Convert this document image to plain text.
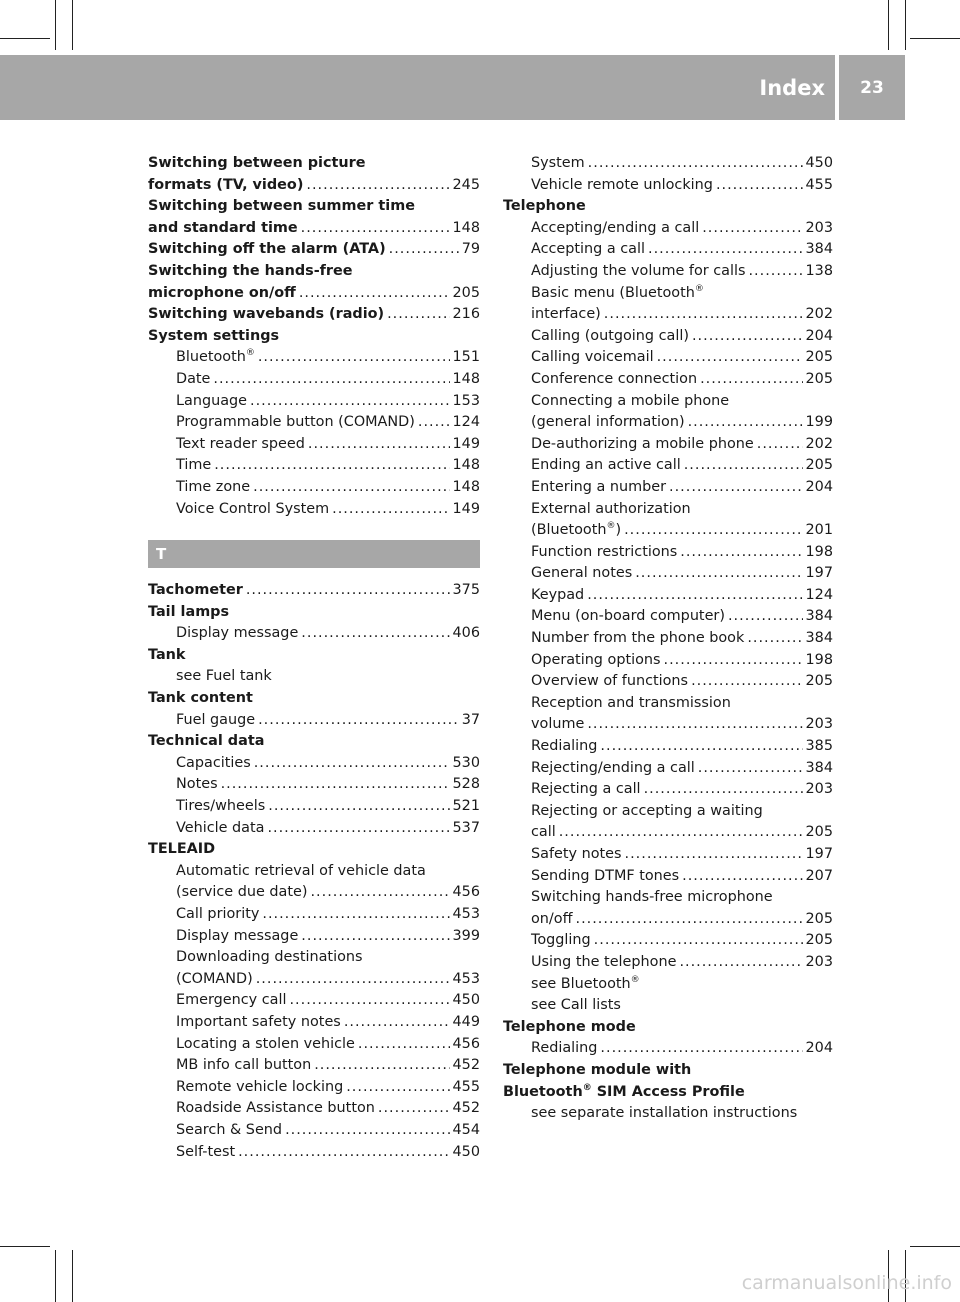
Index	23
Switching between picture
formats (TV, video) .....	245
Switching between summer time
and standard time .....	148
Switching off the alarm (ATA) .....	79
Switching the hands-free
microphone on/off .....	205
Switching wavebands (radio) .....	216
System settings
Bluetooth® .....	151
Date .....	148
Language .....	153
Programmable button (COMAND) .....	124
Text reader speed .....	149
Time .....	148
Time zone .....	148
Voice Control System .....	149
T
Tachometer .....	375
Tail lamps
Display message .....	406
Tank
see Fuel tank
Tank content
Fuel gauge .....	37
Technical data
Capacities .....	530
Notes .....	528
Tires/wheels .....	521
Vehicle data .....	537
TELEAID
Automatic retrieval of vehicle data
(service due date) .....	456
Call priority .....	453
Display message .....	399
Downloading destinations
(COMAND) .....	453
Emergency call .....	450
Important safety notes .....	449
Locating a stolen vehicle .....	456
MB info call button .....	452
Remote vehicle locking .....	455
Roadside Assistance button .....	452
Search & Send .....	454
Self-test .....	450
System .....	450
Vehicle remote unlocking .....	455
Telephone
Accepting/ending a call .....	203
Accepting a call .....	384
Adjusting the volume for calls .....	138
Basic menu (Bluetooth®
interface) .....	202
Calling (outgoing call) .....	204
Calling voicemail .....	205
Conference connection .....	205
Connecting a mobile phone
(general information) .....	199
De-authorizing a mobile phone .....	202
Ending an active call .....	205
Entering a number .....	204
External authorization
(Bluetooth®) .....	201
Function restrictions .....	198
General notes .....	197
Keypad .....	124
Menu (on-board computer) .....	384
Number from the phone book .....	384
Operating options .....	198
Overview of functions .....	205
Reception and transmission
volume .....	203
Redialing .....	385
Rejecting/ending a call .....	384
Rejecting a call .....	203
Rejecting or accepting a waiting
call .....	205
Safety notes .....	197
Sending DTMF tones .....	207
Switching hands-free microphone
on/off .....	205
Toggling .....	205
Using the telephone .....	203
see Bluetooth®
see Call lists
Telephone mode
Redialing .....	204
Telephone module with
Bluetooth® SIM Access Profile
see separate installation instructions
carmanualsonline.info
